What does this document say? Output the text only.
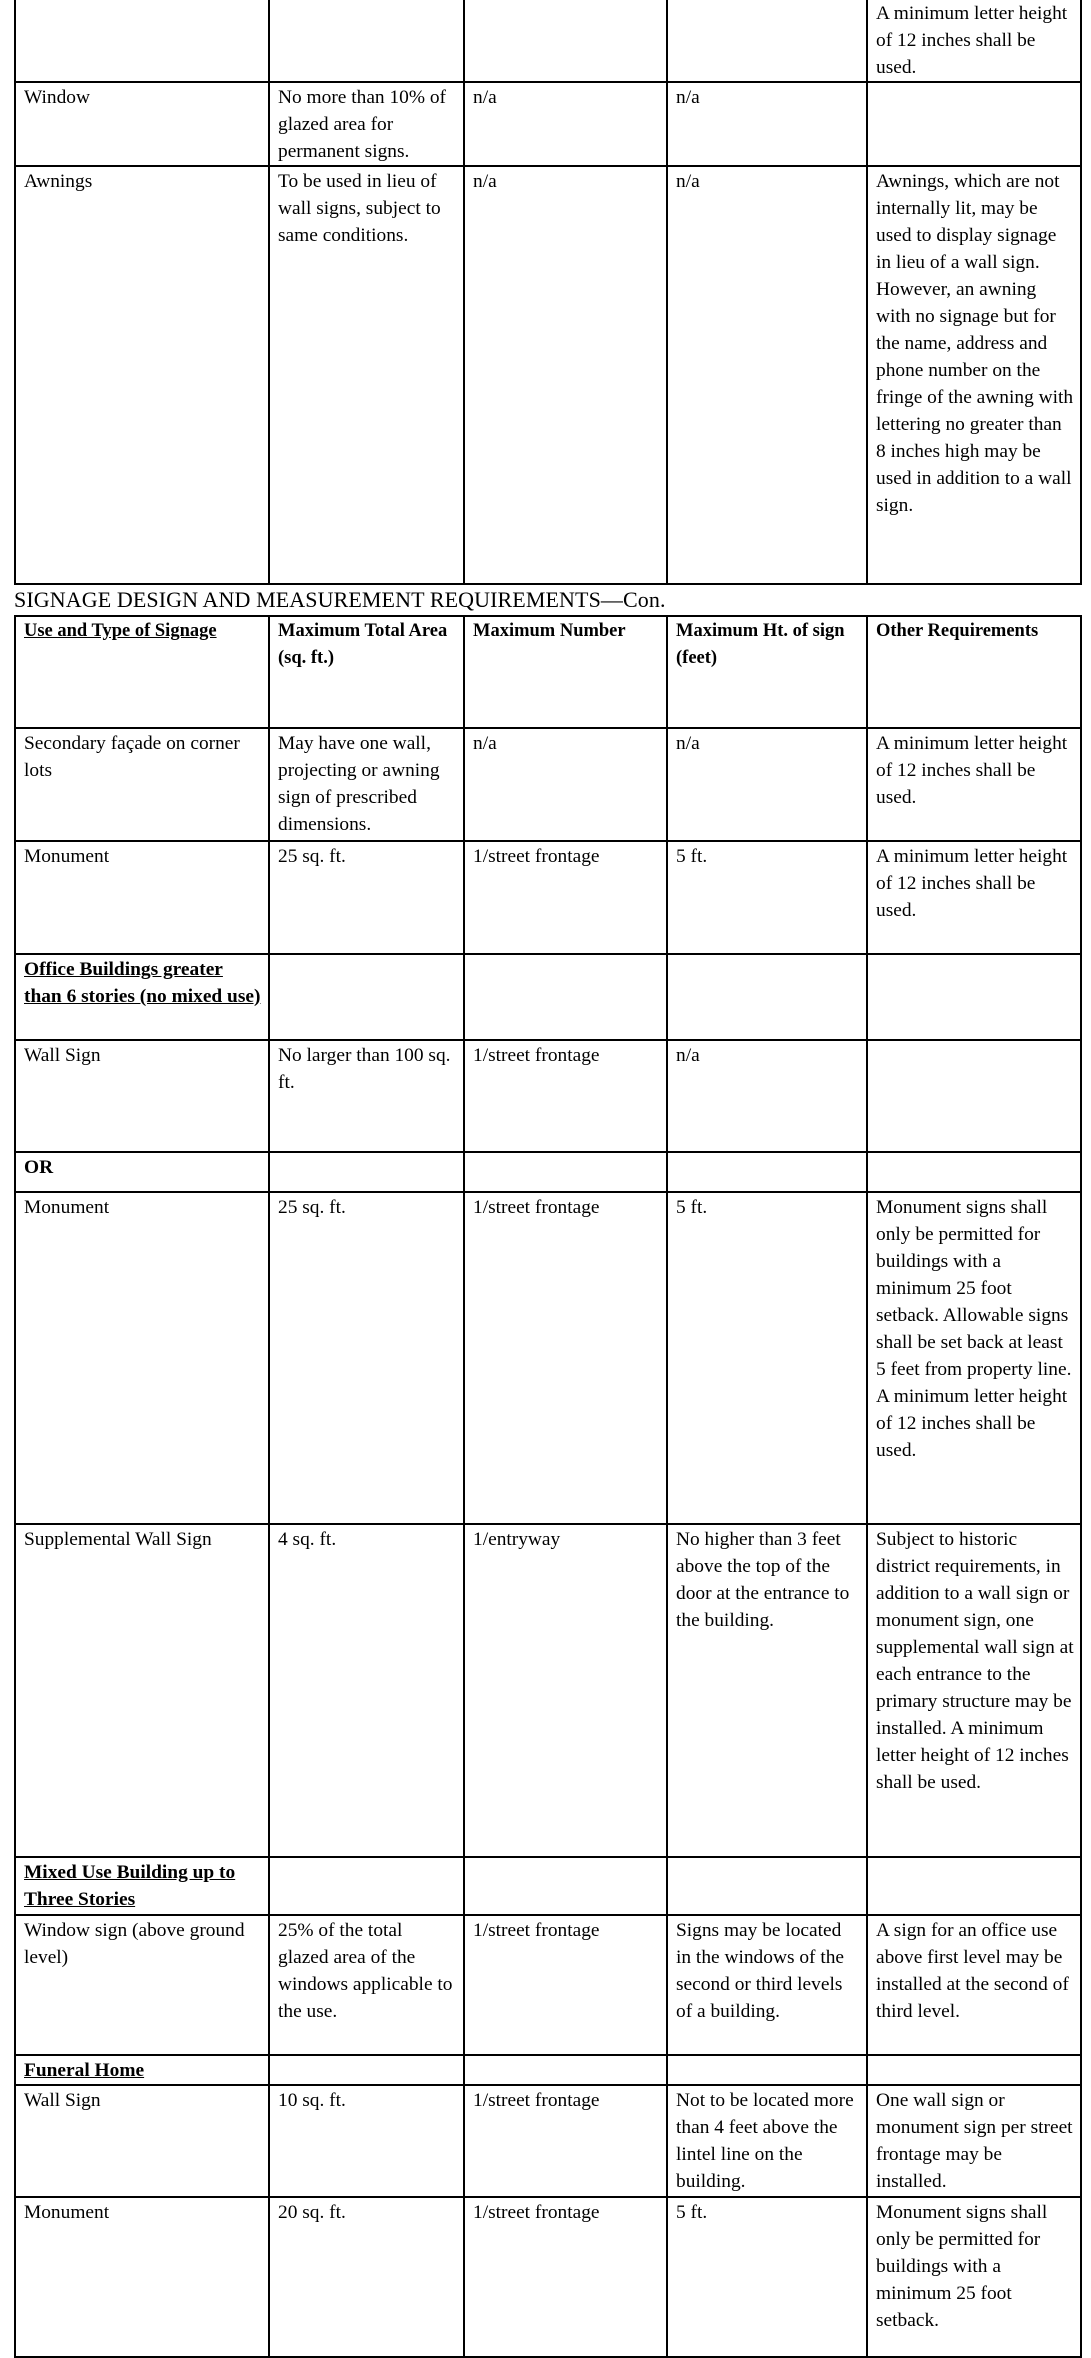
				A minimum letter height of 12 inches shall be used.
Window	No more than 10% of glazed area for permanent signs.	n/a	n/a	
Awnings	To be used in lieu of wall signs, subject to same conditions.	n/a	n/a	Awnings, which are not internally lit, may be used to display signage in lieu of a wall sign. However, an awning with no signage but for the name, address and phone number on the fringe of the awning with lettering no greater than 8 inches high may be used in addition to a wall sign.
SIGNAGE DESIGN AND MEASUREMENT REQUIREMENTS—Con.
Use and Type of Signage	Maximum Total Area (sq. ft.)	Maximum Number	Maximum Ht. of sign (feet)	Other Requirements
Secondary façade on corner lots	May have one wall, projecting or awning sign of prescribed dimensions.	n/a	n/a	A minimum letter height of 12 inches shall be used.
Monument	25 sq. ft.	1/street frontage	5 ft.	A minimum letter height of 12 inches shall be used.
Office Buildings greater than 6 stories (no mixed use)				
Wall Sign	No larger than 100 sq. ft.	1/street frontage	n/a	
OR				
Monument	25 sq. ft.	1/street frontage	5 ft.	Monument signs shall only be permitted for buildings with a minimum 25 foot setback. Allowable signs shall be set back at least 5 feet from property line. A minimum letter height of 12 inches shall be used.
Supplemental Wall Sign	4 sq. ft.	1/entryway	No higher than 3 feet above the top of the door at the entrance to the building.	Subject to historic district requirements, in addition to a wall sign or monument sign, one supplemental wall sign at each entrance to the primary structure may be installed. A minimum letter height of 12 inches shall be used.
Mixed Use Building up to Three Stories				
Window sign (above ground level)	25% of the total glazed area of the windows applicable to the use.	1/street frontage	Signs may be located in the windows of the second or third levels of a building.	A sign for an office use above first level may be installed at the second of third level.
Funeral Home				
Wall Sign	10 sq. ft.	1/street frontage	Not to be located more than 4 feet above the lintel line on the building.	One wall sign or monument sign per street frontage may be installed.
Monument	20 sq. ft.	1/street frontage	5 ft.	Monument signs shall only be permitted for buildings with a minimum 25 foot setback.
